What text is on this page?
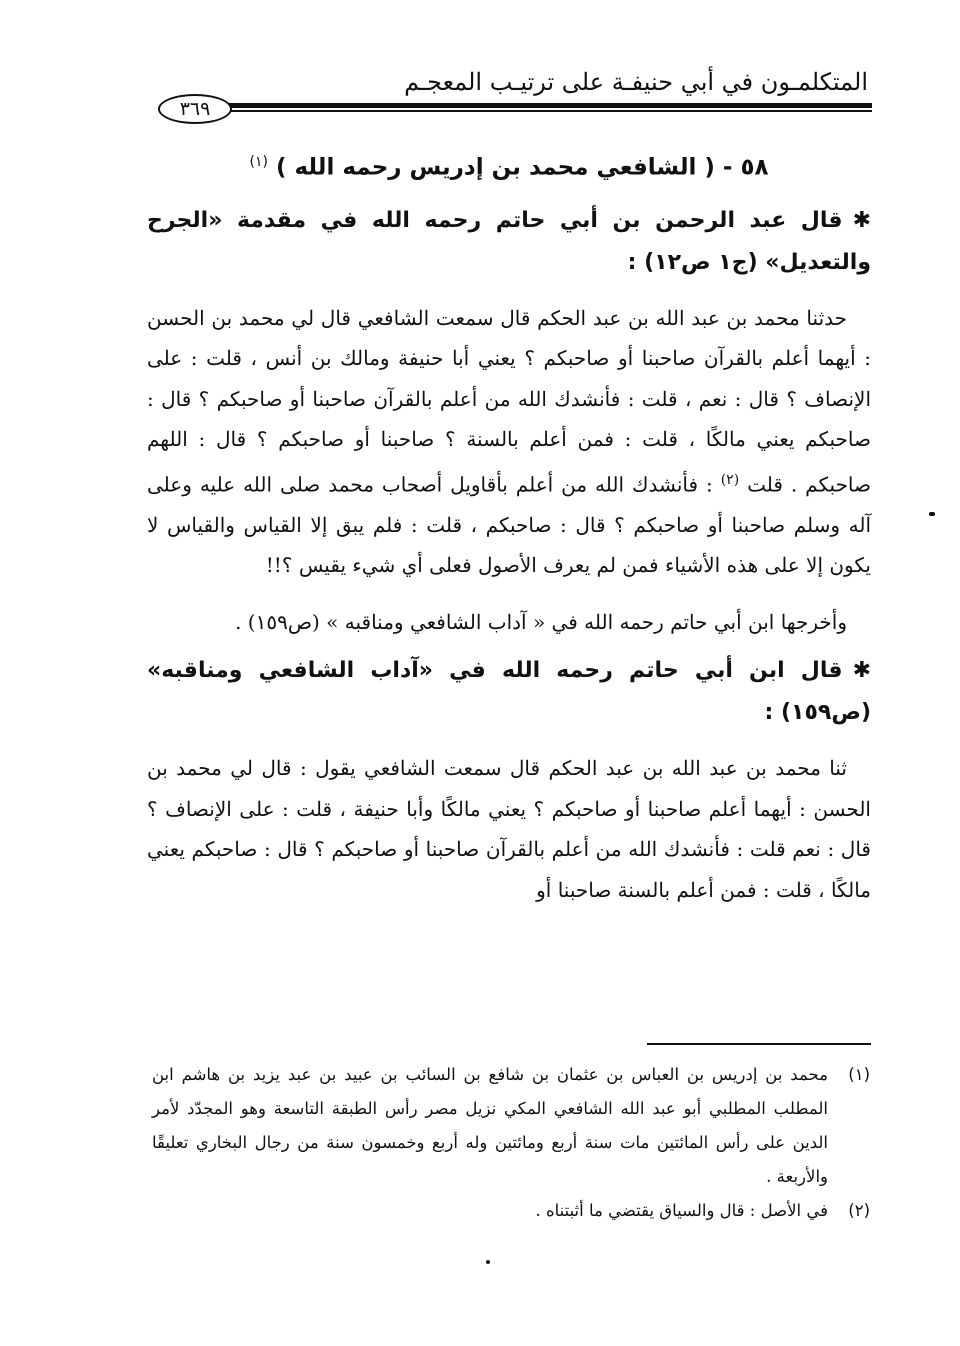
المتكلمـون في أبي حنيفـة على ترتيـب المعجـم
٣٦٩
٥٨ - ( الشافعي محمد بن إدريس رحمه الله ) $^{(١)}$
✱قال عبد الرحمن بن أبي حاتم رحمه الله في مقدمة «الجرح والتعديل» (ج١ ص١٢) :
حدثنا محمد بن عبد الله بن عبد الحكم قال سمعت الشافعي قال لي محمد بن الحسن : أيهما أعلم بالقرآن صاحبنا أو صاحبكم ؟ يعني أبا حنيفة ومالك بن أنس ، قلت : على الإنصاف ؟ قال : نعم ، قلت : فأنشدك الله من أعلم بالقرآن صاحبنا أو صاحبكم ؟ قال : صاحبكم يعني مالكًا ، قلت : فمن أعلم بالسنة ؟ صاحبنا أو صاحبكم ؟ قال : اللهم صاحبكم . قلت $^{(٢)}$ : فأنشدك الله من أعلم بأقاويل أصحاب محمد صلى الله عليه وعلى آله وسلم صاحبنا أو صاحبكم ؟ قال : صاحبكم ، قلت : فلم يبق إلا القياس والقياس لا يكون إلا على هذه الأشياء فمن لم يعرف الأصول فعلى أي شيء يقيس ؟!!
وأخرجها ابن أبي حاتم رحمه الله في « آداب الشافعي ومناقبه » (ص١٥٩) .
✱قال ابن أبي حاتم رحمه الله في «آداب الشافعي ومناقبه» (ص١٥٩) :
ثنا محمد بن عبد الله بن عبد الحكم قال سمعت الشافعي يقول : قال لي محمد بن الحسن : أيهما أعلم صاحبنا أو صاحبكم ؟ يعني مالكًا وأبا حنيفة ، قلت : على الإنصاف ؟ قال : نعم قلت : فأنشدك الله من أعلم بالقرآن صاحبنا أو صاحبكم ؟ قال : صاحبكم يعني مالكًا ، قلت : فمن أعلم بالسنة صاحبنا أو
(١)
محمد بن إدريس بن العباس بن عثمان بن شافع بن السائب بن عبيد بن عبد يزيد بن هاشم ابن المطلب المطلبي أبو عبد الله الشافعي المكي نزيل مصر رأس الطبقة التاسعة وهو المجدّد لأمر الدين على رأس المائتين مات سنة أربع ومائتين وله أربع وخمسون سنة من رجال البخاري تعليقًا والأربعة .
(٢)
في الأصل : قال والسياق يقتضي ما أثبتناه .
